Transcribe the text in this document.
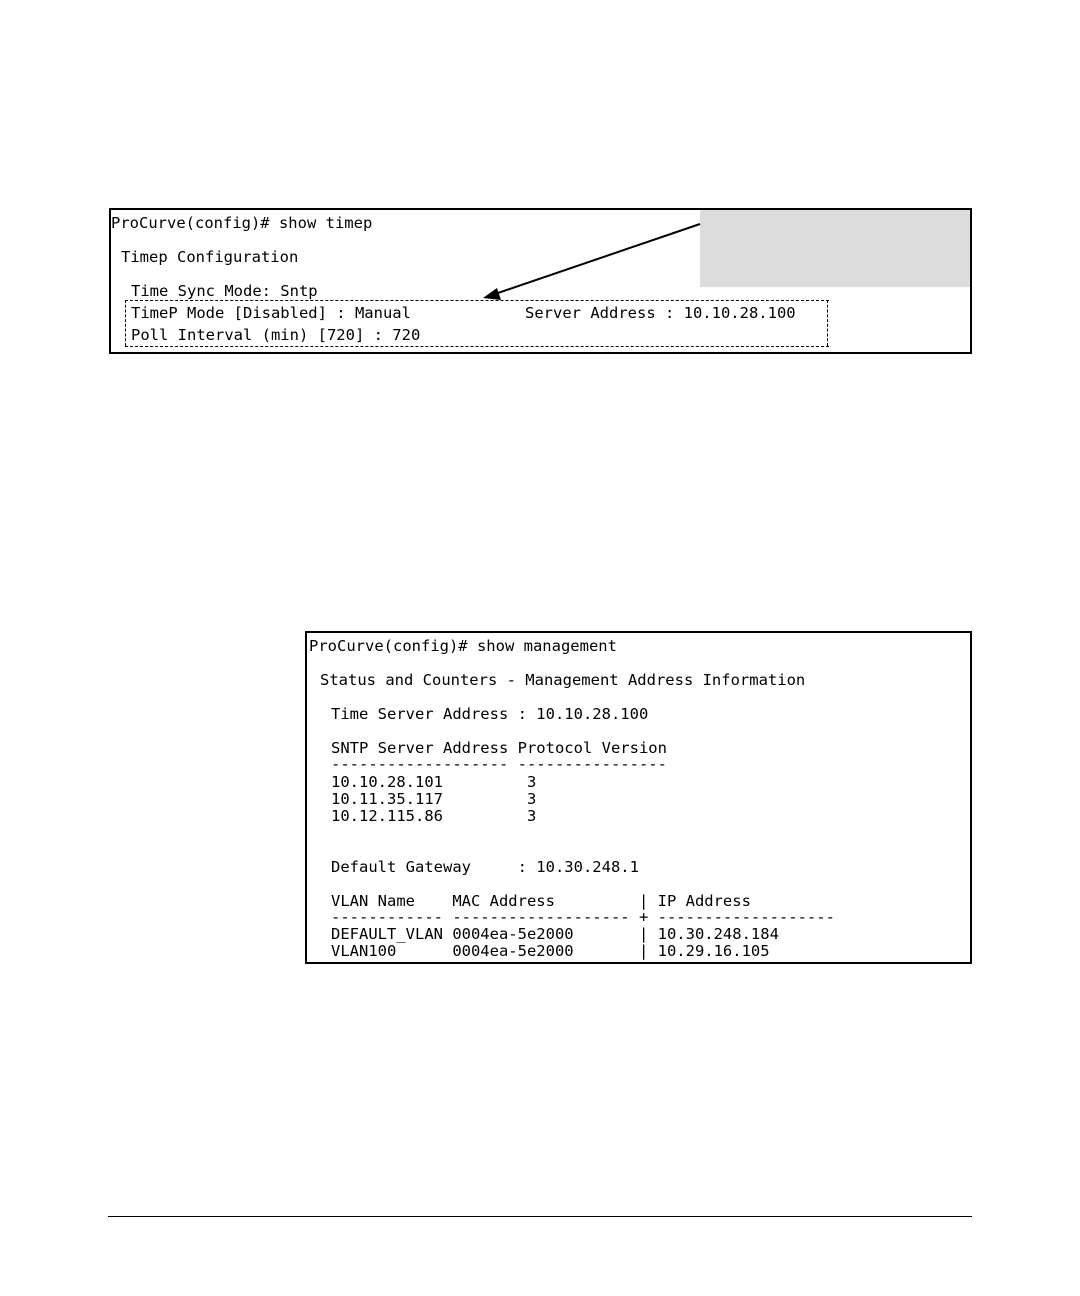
ProCurve(config)# show timep
Timep Configuration
Time Sync Mode: Sntp
TimeP Mode [Disabled] : Manual	Server Address : 10.10.28.100
Poll Interval (min) [720] : 720
ProCurve(config)# show management
Status and Counters - Management Address Information
Time Server Address : 10.10.28.100
SNTP Server Address Protocol Version
------------------- ----------------
10.10.28.101         3
10.11.35.117         3
10.12.115.86         3
Default Gateway     : 10.30.248.1
VLAN Name    MAC Address         | IP Address
------------ ------------------- + -------------------
DEFAULT_VLAN 0004ea-5e2000       | 10.30.248.184
VLAN100      0004ea-5e2000       | 10.29.16.105
